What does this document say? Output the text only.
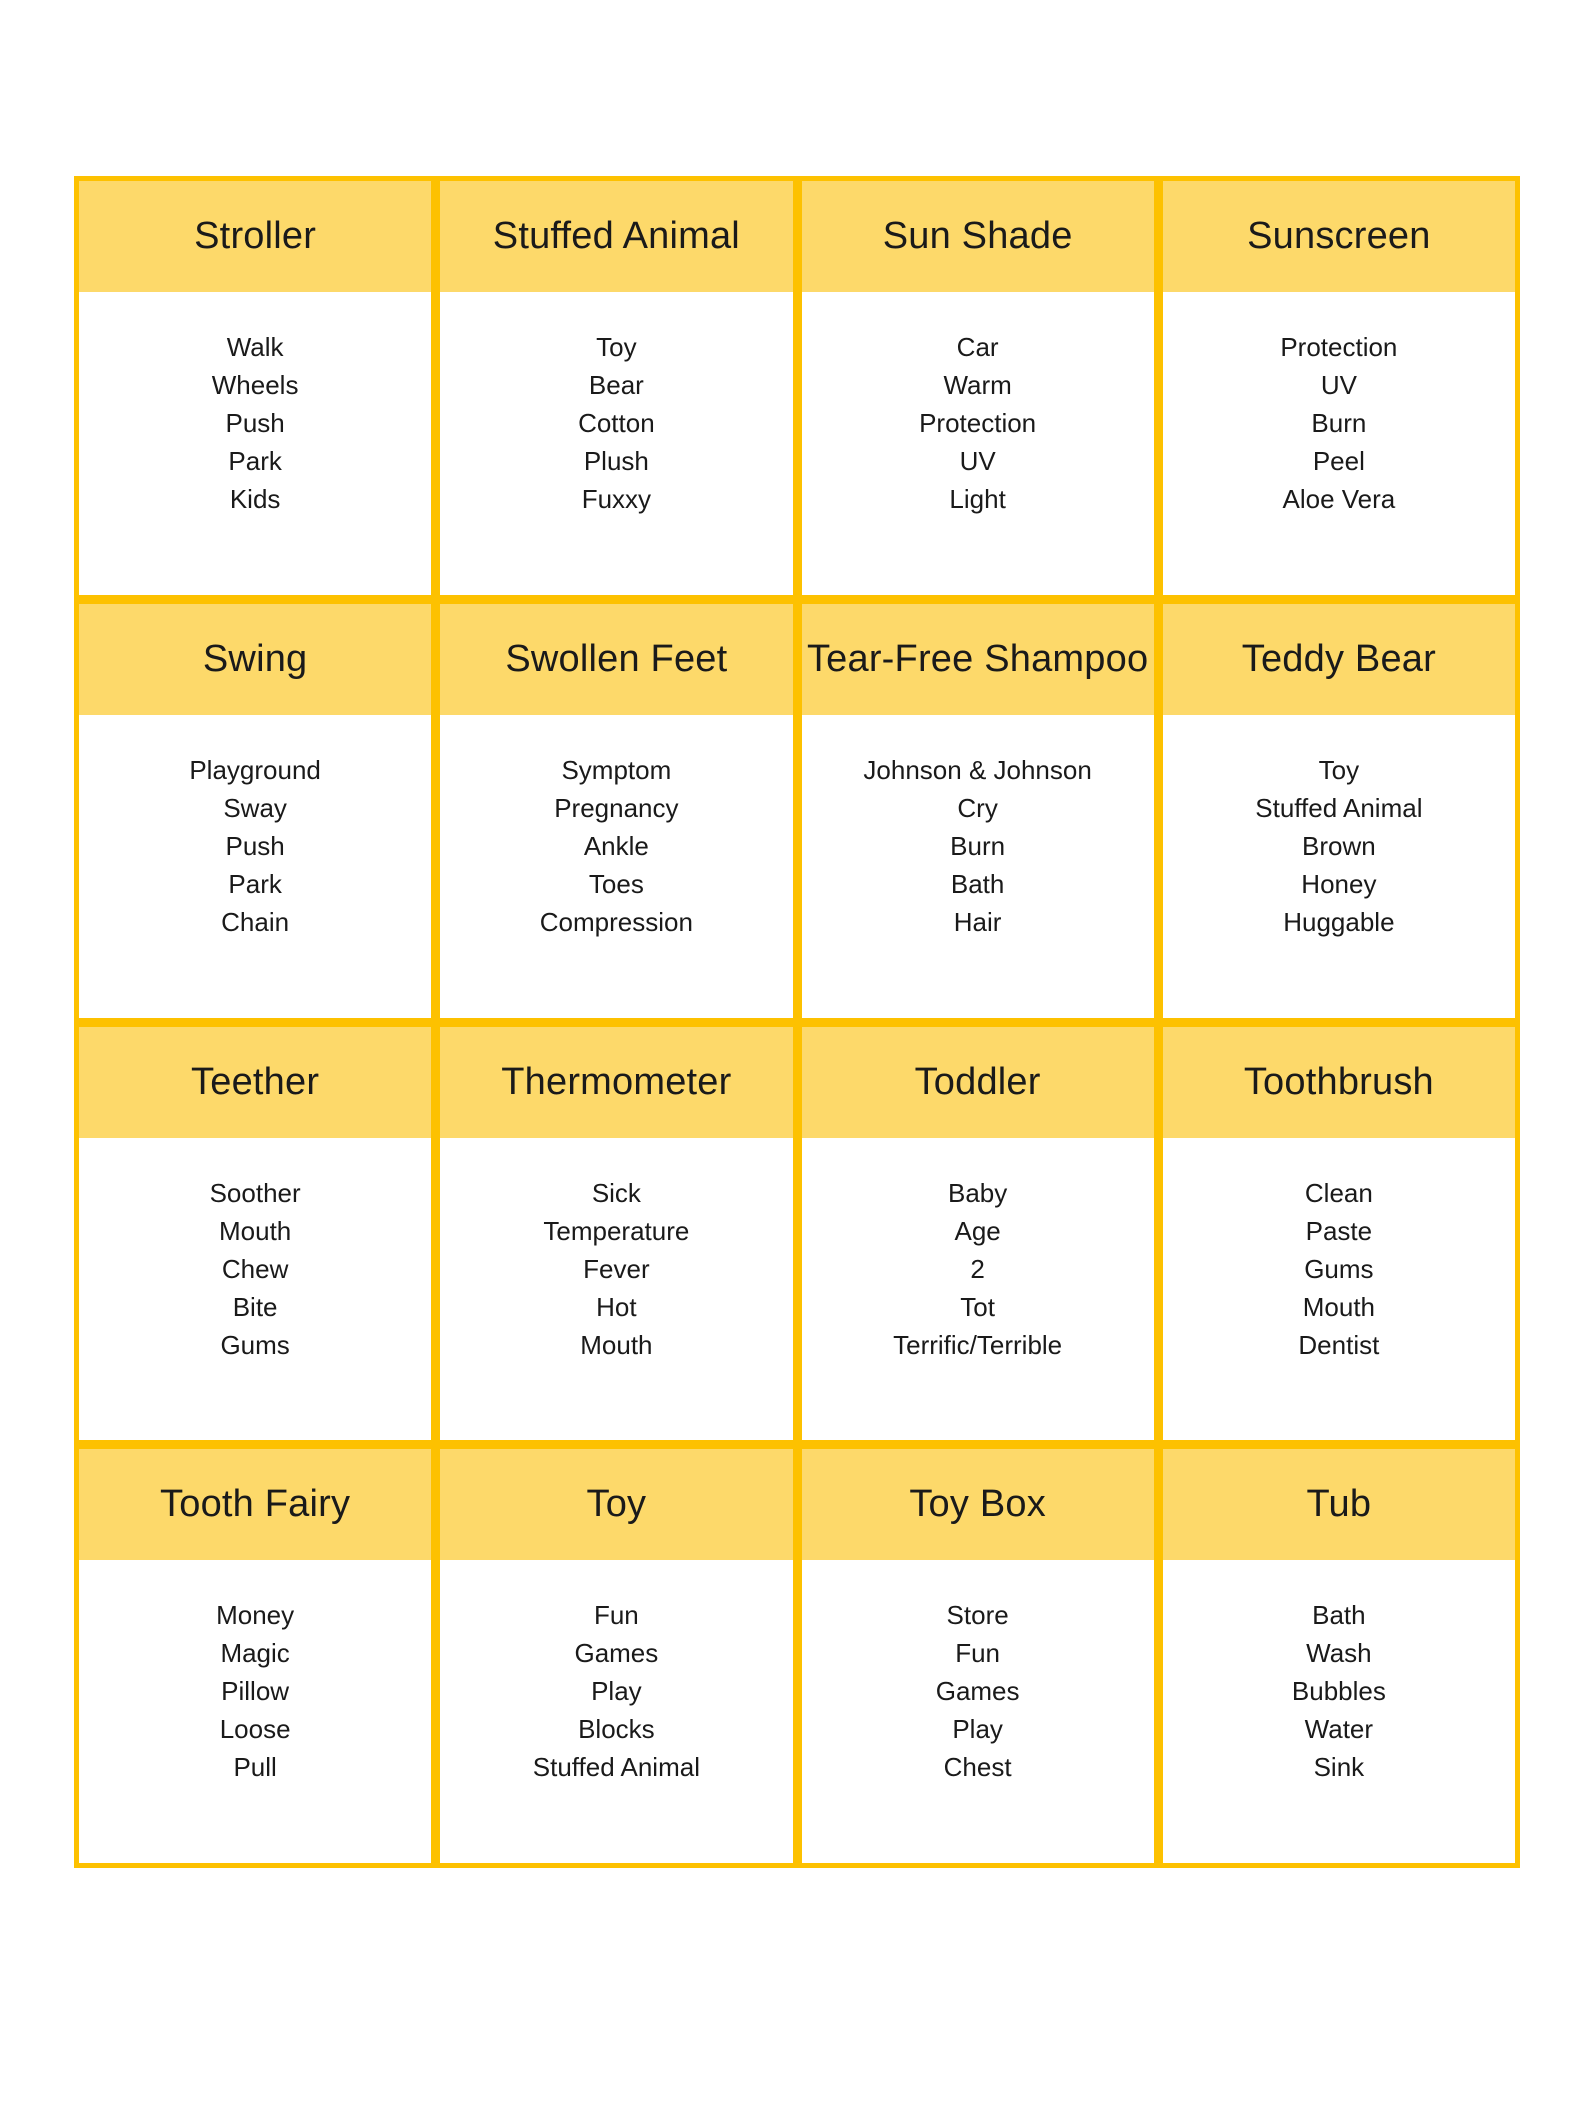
Stroller
Walk
Wheels
Push
Park
Kids
Stuffed Animal
Toy
Bear
Cotton
Plush
Fuxxy
Sun Shade
Car
Warm
Protection
UV
Light
Sunscreen
Protection
UV
Burn
Peel
Aloe Vera
Swing
Playground
Sway
Push
Park
Chain
Swollen Feet
Symptom
Pregnancy
Ankle
Toes
Compression
Tear-Free Shampoo
Johnson & Johnson
Cry
Burn
Bath
Hair
Teddy Bear
Toy
Stuffed Animal
Brown
Honey
Huggable
Teether
Soother
Mouth
Chew
Bite
Gums
Thermometer
Sick
Temperature
Fever
Hot
Mouth
Toddler
Baby
Age
2
Tot
Terrific/Terrible
Toothbrush
Clean
Paste
Gums
Mouth
Dentist
Tooth Fairy
Money
Magic
Pillow
Loose
Pull
Toy
Fun
Games
Play
Blocks
Stuffed Animal
Toy Box
Store
Fun
Games
Play
Chest
Tub
Bath
Wash
Bubbles
Water
Sink
